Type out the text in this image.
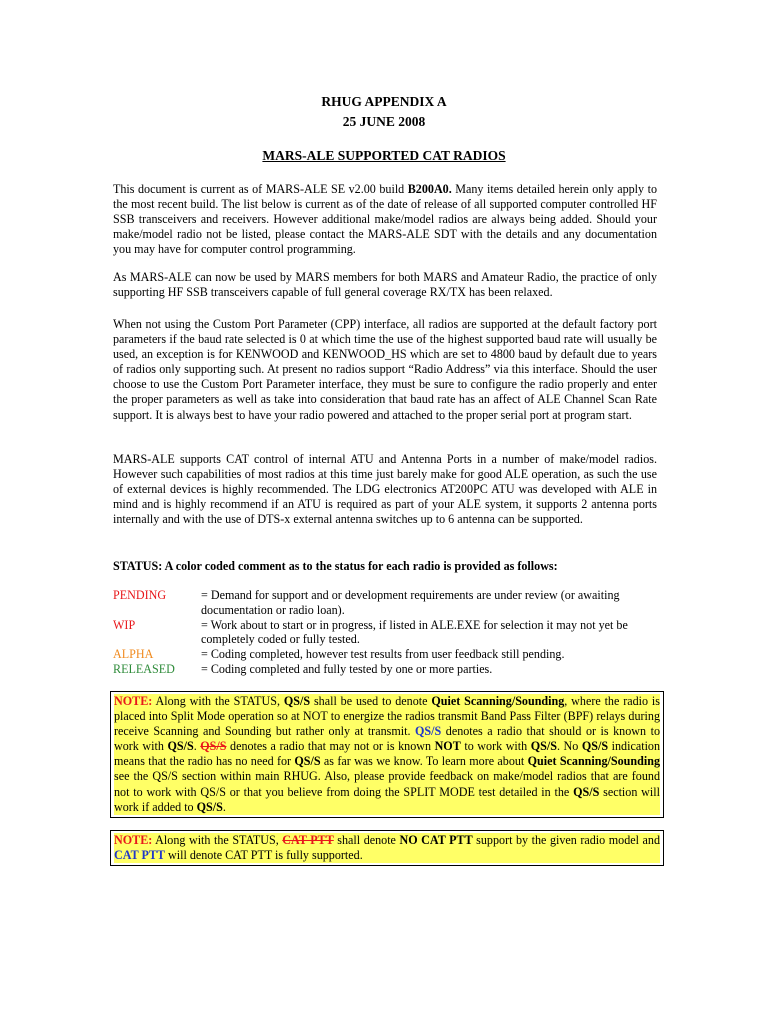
RHUG APPENDIX A
25 JUNE 2008
MARS-ALE SUPPORTED CAT RADIOS

This document is current as of MARS-ALE SE v2.00 build B200A0. Many items detailed herein only apply to the most recent build. The list below is current as of the date of release of all supported computer controlled HF SSB transceivers and receivers. However additional make/model radios are always being added. Should your make/model radio not be listed, please contact the MARS-ALE SDT with the details and any documentation you may have for computer control programming.

As MARS-ALE can now be used by MARS members for both MARS and Amateur Radio, the practice of only supporting HF SSB transceivers capable of full general coverage RX/TX has been relaxed.

When not using the Custom Port Parameter (CPP) interface, all radios are supported at the default factory port parameters if the baud rate selected is 0 at which time the use of the highest supported baud rate will usually be used, an exception is for KENWOOD and KENWOOD_HS which are set to 4800 baud by default due to years of radios only supporting such. At present no radios support “Radio Address” via this interface. Should the user choose to use the Custom Port Parameter interface, they must be sure to configure the radio properly and enter the proper parameters as well as take into consideration that baud rate has an affect of ALE Channel Scan Rate support. It is always best to have your radio powered and attached to the proper serial port at program start.

MARS-ALE supports CAT control of internal ATU and Antenna Ports in a number of make/model radios. However such capabilities of most radios at this time just barely make for good ALE operation, as such the use of external devices is highly recommended. The LDG electronics AT200PC ATU was developed with ALE in mind and is highly recommend if an ATU is required as part of your ALE system, it supports 2 antenna ports internally and with the use of DTS-x external antenna switches up to 6 antenna can be supported.

STATUS: A color coded comment as to the status for each radio is provided as follows:
PENDING	= Demand for support and or development requirements are under review (or awaiting documentation or radio loan).
WIP	= Work about to start or in progress, if listed in ALE.EXE for selection it may not yet be completely coded or fully tested.
ALPHA	= Coding completed, however test results from user feedback still pending.
RELEASED	= Coding completed and fully tested by one or more parties.

NOTE: Along with the STATUS, QS/S shall be used to denote Quiet Scanning/Sounding, where the radio is placed into Split Mode operation so at NOT to energize the radios transmit Band Pass Filter (BPF) relays during receive Scanning and Sounding but rather only at transmit. QS/S denotes a radio that should or is known to work with QS/S. QS/S denotes a radio that may not or is known NOT to work with QS/S. No QS/S indication means that the radio has no need for QS/S as far was we know. To learn more about Quiet Scanning/Sounding see the QS/S section within main RHUG. Also, please provide feedback on make/model radios that are found not to work with QS/S or that you believe from doing the SPLIT MODE test detailed in the QS/S section will work if added to QS/S.

NOTE: Along with the STATUS, CAT PTT shall denote NO CAT PTT support by the given radio model and CAT PTT will denote CAT PTT is fully supported.
